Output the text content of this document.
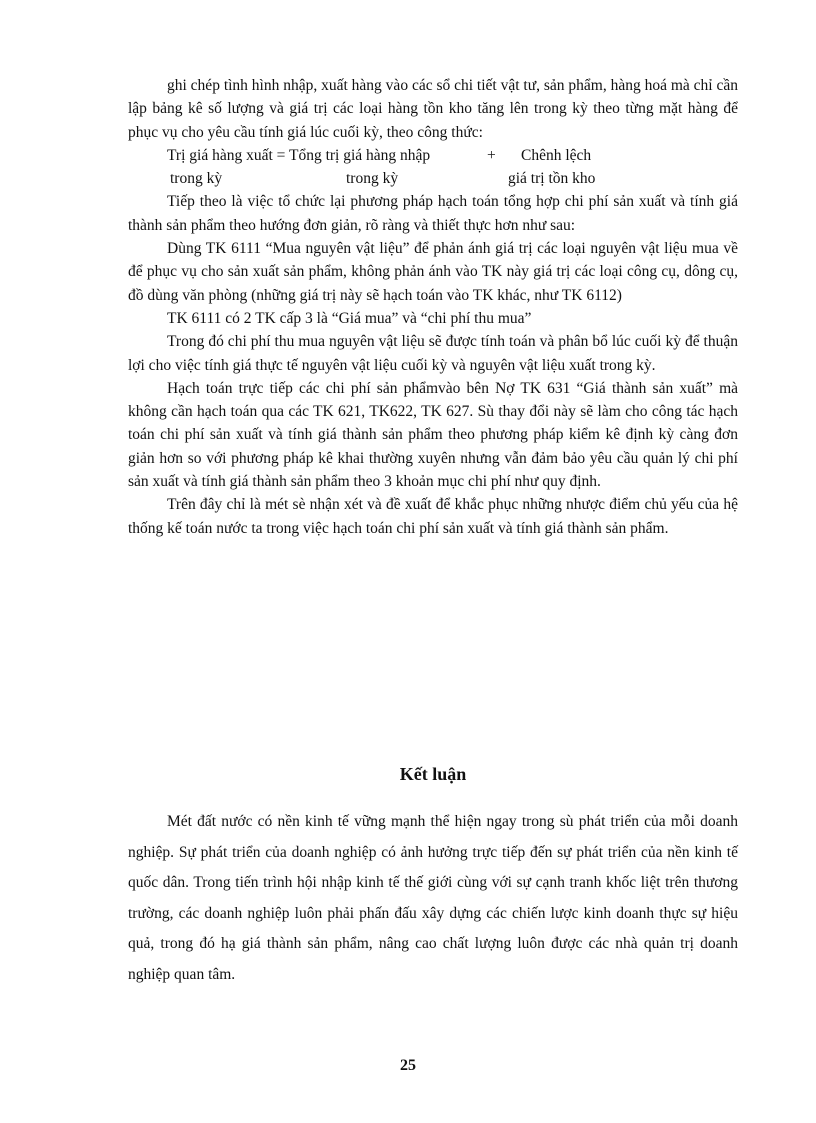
ghi chép tình hình nhập, xuất hàng vào các sổ chi tiết vật tư, sản phẩm, hàng hoá mà chỉ cần lập bảng kê số lượng và giá trị các loại hàng tồn kho tăng lên trong kỳ theo từng mặt hàng để phục vụ cho yêu cầu tính giá lúc cuối kỳ, theo công thức:

Trị giá hàng xuất = Tổng trị giá hàng nhập	+ Chênh lệch
trong kỳ	trong kỳ	giá trị tồn kho

Tiếp theo là việc tổ chức lại phương pháp hạch toán tổng hợp chi phí sản xuất và tính giá thành sản phẩm theo hướng đơn giản, rõ ràng và thiết thực hơn như sau:

Dùng TK 6111 “Mua nguyên vật liệu” để phản ánh giá trị các loại nguyên vật liệu mua về để phục vụ cho sản xuất sản phẩm, không phản ánh vào TK này giá trị các loại công cụ, dông cụ, đồ dùng văn phòng (những giá trị này sẽ hạch toán vào TK khác, như TK 6112)

TK 6111 có 2 TK cấp 3 là “Giá mua” và “chi phí thu mua”

Trong đó chi phí thu mua nguyên vật liệu sẽ được tính toán và phân bổ lúc cuối kỳ để thuận lợi cho việc tính giá thực tế nguyên vật liệu cuối kỳ và nguyên vật liệu xuất trong kỳ.

Hạch toán trực tiếp các chi phí sản phẩmvào bên Nợ TK 631 “Giá thành sản xuất” mà không cần hạch toán qua các TK 621, TK622, TK 627. Sù thay đổi này sẽ làm cho công tác hạch toán chi phí sản xuất và tính giá thành sản phẩm theo phương pháp kiểm kê định kỳ càng đơn giản hơn so với phương pháp kê khai thường xuyên nhưng vẫn đảm bảo yêu cầu quản lý chi phí sản xuất và tính giá thành sản phẩm theo 3 khoản mục chi phí như quy định.

Trên đây chỉ là mét sè nhận xét và đề xuất để khắc phục những nhược điểm chủ yếu của hệ thống kế toán nước ta trong việc hạch toán chi phí sản xuất và tính giá thành sản phẩm.

Kết luận

Mét đất nước có nền kinh tế vững mạnh thể hiện ngay trong sù phát triển của mỗi doanh nghiệp. Sự phát triển của doanh nghiệp có ảnh hưởng trực tiếp đến sự phát triển của nền kinh tế quốc dân. Trong tiến trình hội nhập kinh tế thế giới cùng với sự cạnh tranh khốc liệt trên thương trường, các doanh nghiệp luôn phải phấn đấu xây dựng các chiến lược kinh doanh thực sự hiệu quả, trong đó hạ giá thành sản phẩm, nâng cao chất lượng luôn được các nhà quản trị doanh nghiệp quan tâm.

25
